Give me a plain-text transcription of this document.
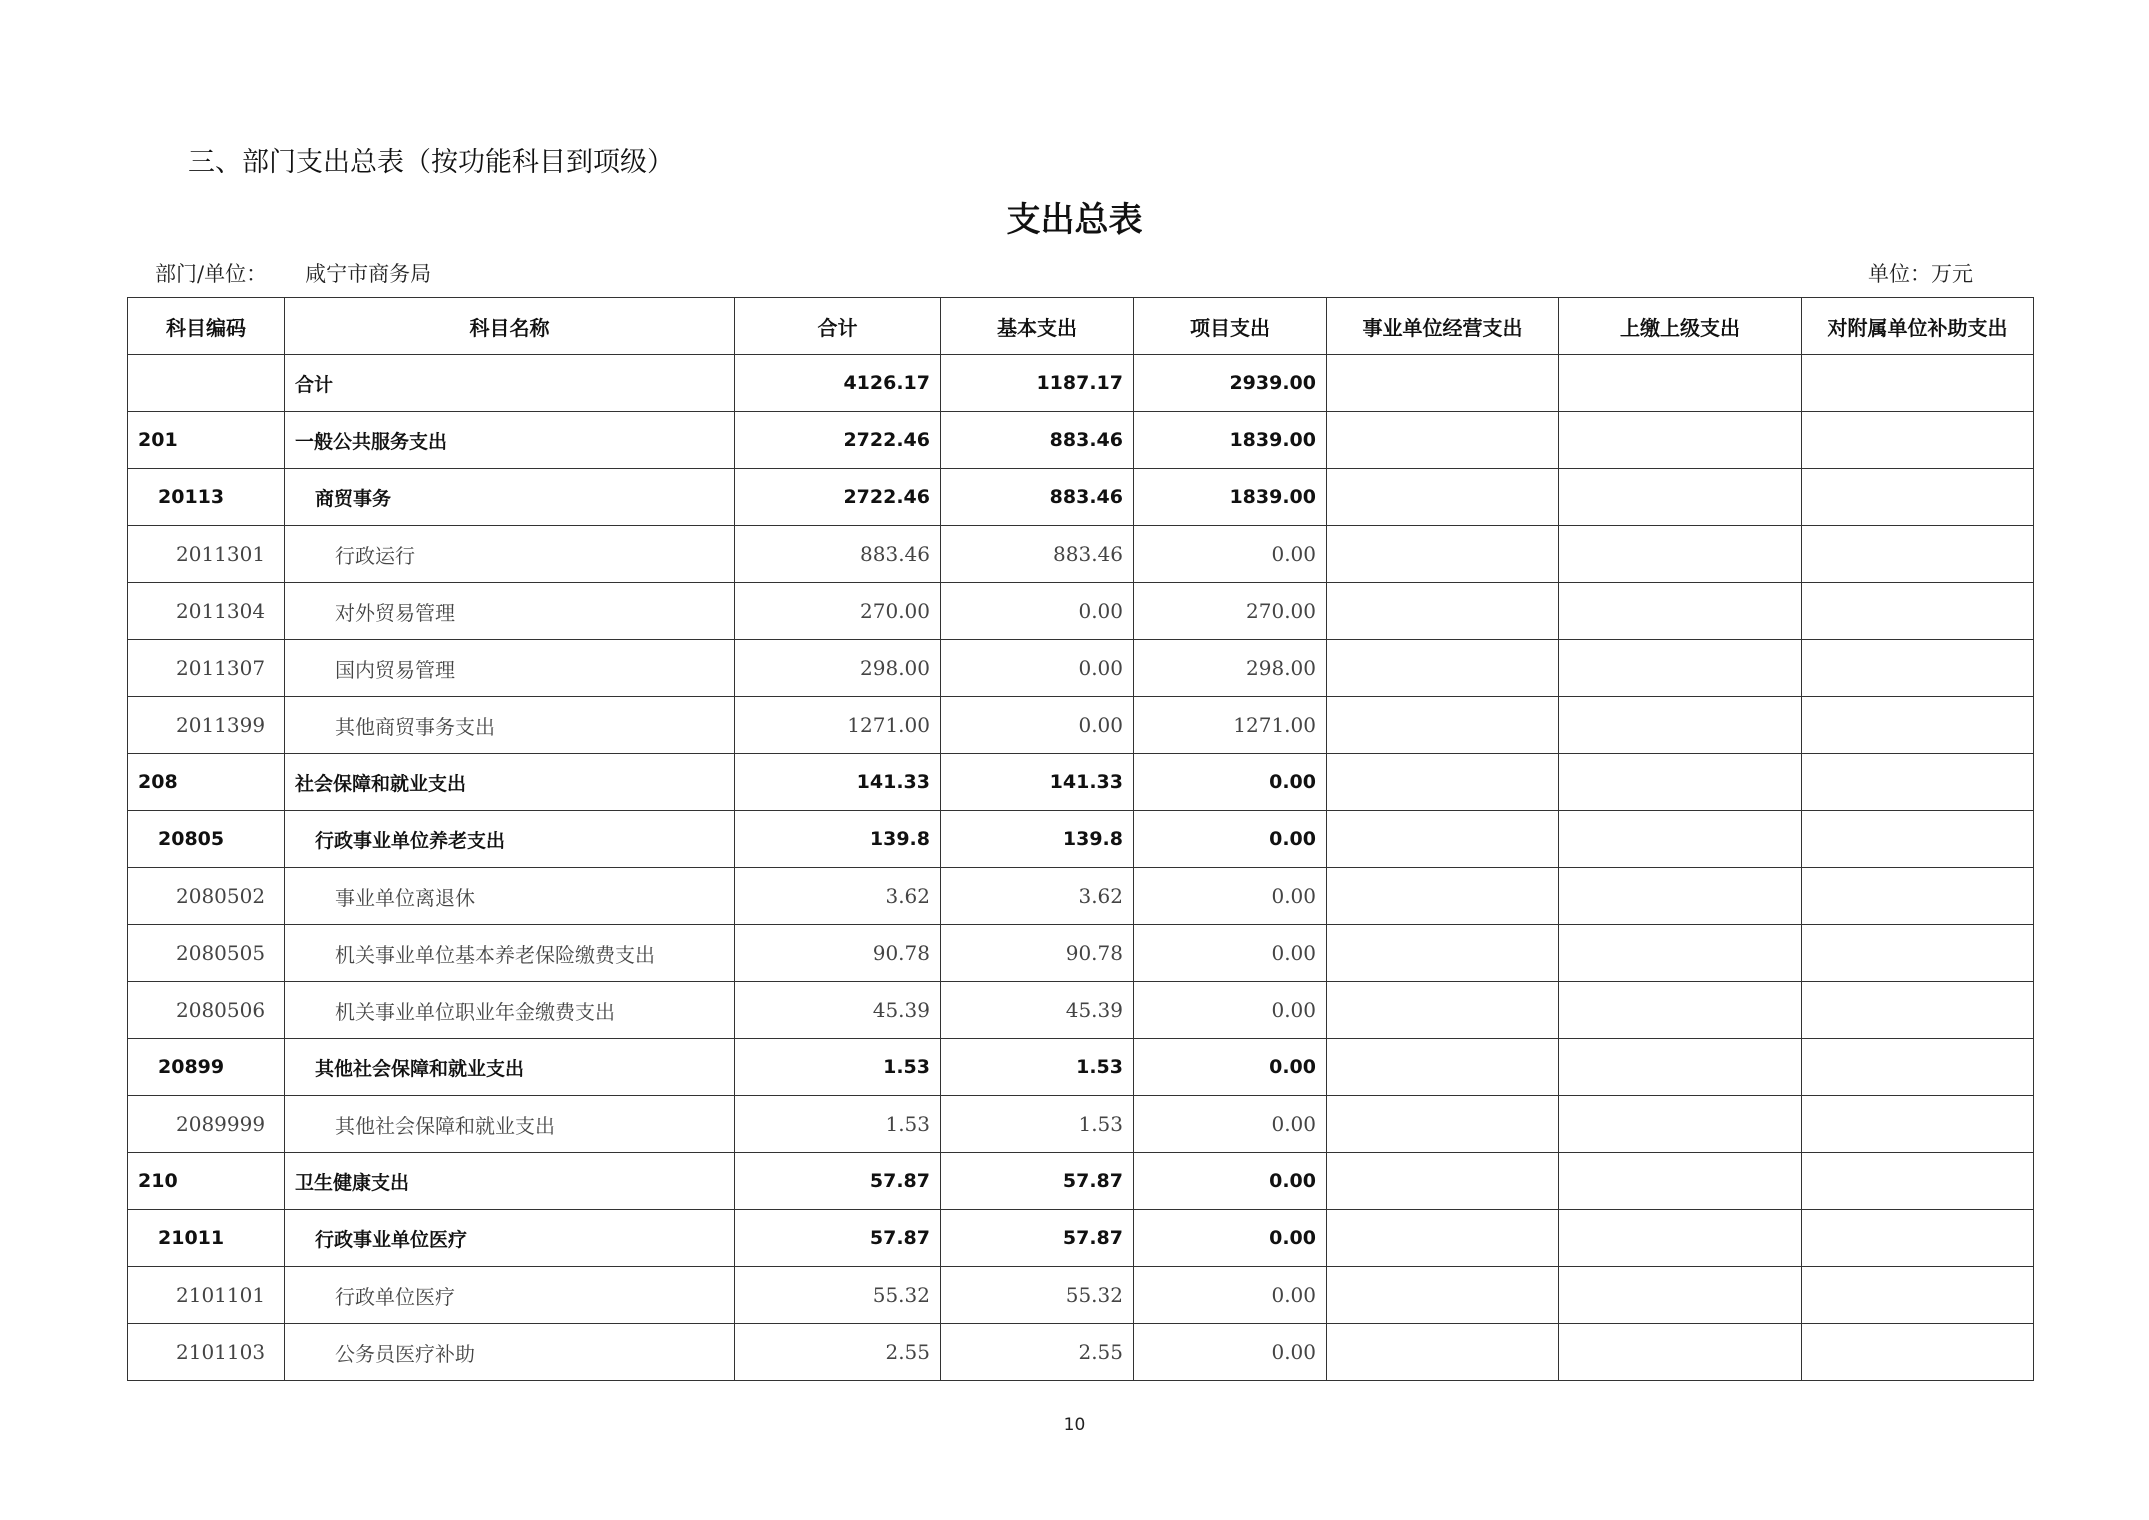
三、部门支出总表（按功能科目到项级）
支出总表
部门/单位： 咸宁市商务局	单位：万元
科目编码	科目名称	合计	基本支出	项目支出	事业单位经营支出	上缴上级支出	对附属单位补助支出
	合计	4126.17	1187.17	2939.00			
201	一般公共服务支出	2722.46	883.46	1839.00			
20113	商贸事务	2722.46	883.46	1839.00			
2011301	行政运行	883.46	883.46	0.00			
2011304	对外贸易管理	270.00	0.00	270.00			
2011307	国内贸易管理	298.00	0.00	298.00			
2011399	其他商贸事务支出	1271.00	0.00	1271.00			
208	社会保障和就业支出	141.33	141.33	0.00			
20805	行政事业单位养老支出	139.8	139.8	0.00			
2080502	事业单位离退休	3.62	3.62	0.00			
2080505	机关事业单位基本养老保险缴费支出	90.78	90.78	0.00			
2080506	机关事业单位职业年金缴费支出	45.39	45.39	0.00			
20899	其他社会保障和就业支出	1.53	1.53	0.00			
2089999	其他社会保障和就业支出	1.53	1.53	0.00			
210	卫生健康支出	57.87	57.87	0.00			
21011	行政事业单位医疗	57.87	57.87	0.00			
2101101	行政单位医疗	55.32	55.32	0.00			
2101103	公务员医疗补助	2.55	2.55	0.00			
10
